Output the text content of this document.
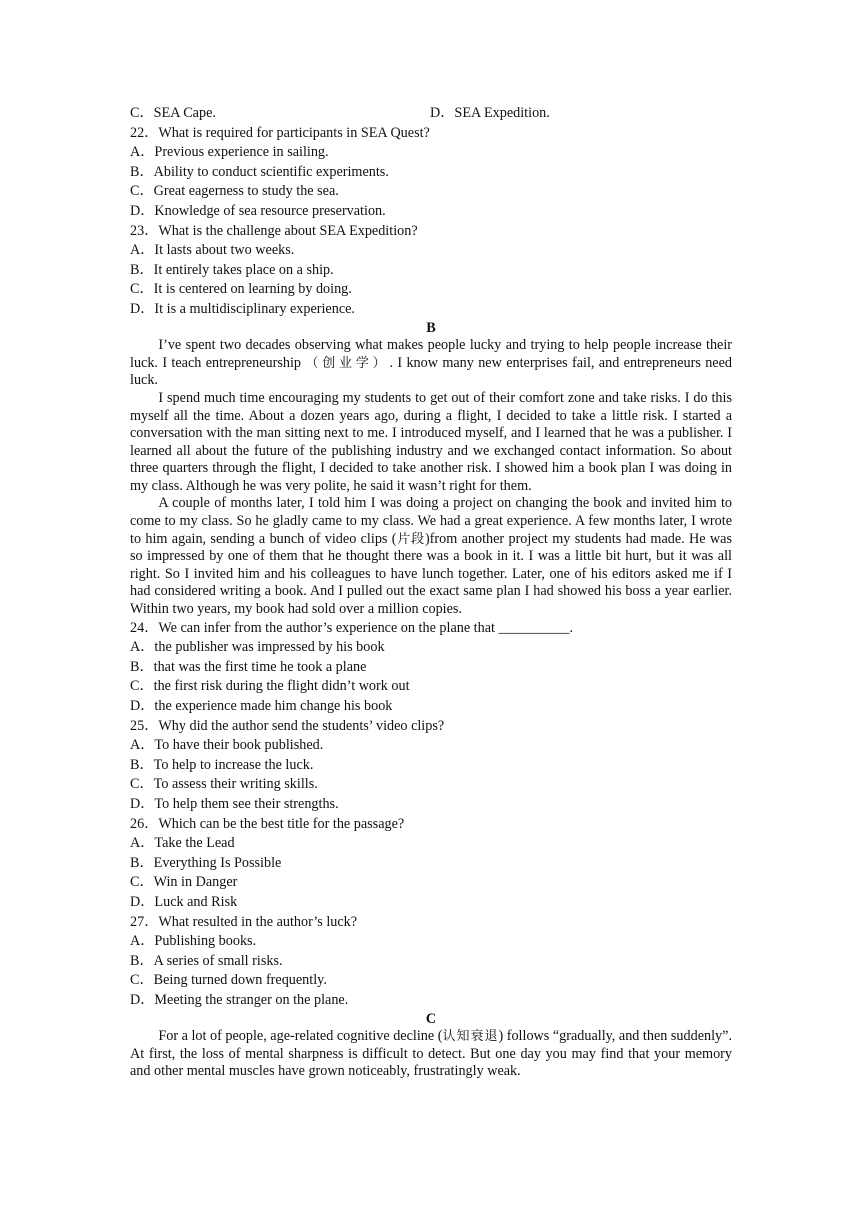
C．SEA Cape.	D．SEA Expedition.
22．What is required for participants in SEA Quest?
A．Previous experience in sailing.
B．Ability to conduct scientific experiments.
C．Great eagerness to study the sea.
D．Knowledge of sea resource preservation.
23．What is the challenge about SEA Expedition?
A．It lasts about two weeks.
B．It entirely takes place on a ship.
C．It is centered on learning by doing.
D．It is a multidisciplinary experience.
B

I’ve spent two decades observing what makes people lucky and trying to help people increase their luck. I teach entrepreneurship （创业学）. I know many new enterprises fail, and entrepreneurs need luck.

I spend much time encouraging my students to get out of their comfort zone and take risks. I do this myself all the time. About a dozen years ago, during a flight, I decided to take a little risk. I started a conversation with the man sitting next to me. I introduced myself, and I learned that he was a publisher. I learned all about the future of the publishing industry and we exchanged contact information. So about three quarters through the flight, I decided to take another risk. I showed him a book plan I was doing in my class. Although he was very polite, he said it wasn’t right for them.

A couple of months later, I told him I was doing a project on changing the book and invited him to come to my class. So he gladly came to my class. We had a great experience. A few months later, I wrote to him again, sending a bunch of video clips (片段)from another project my students had made. He was so impressed by one of them that he thought there was a book in it. I was a little bit hurt, but it was all right. So I invited him and his colleagues to have lunch together. Later, one of his editors asked me if I had considered writing a book. And I pulled out the exact same plan I had showed his boss a year earlier. Within two years, my book had sold over a million copies.

24．We can infer from the author’s experience on the plane that __________.
A．the publisher was impressed by his book
B．that was the first time he took a plane
C．the first risk during the flight didn’t work out
D．the experience made him change his book
25．Why did the author send the students’ video clips?
A．To have their book published.
B．To help to increase the luck.
C．To assess their writing skills.
D．To help them see their strengths.
26．Which can be the best title for the passage?
A．Take the Lead
B．Everything Is Possible
C．Win in Danger
D．Luck and Risk
27．What resulted in the author’s luck?
A．Publishing books.
B．A series of small risks.
C．Being turned down frequently.
D．Meeting the stranger on the plane.
C

For a lot of people, age-related cognitive decline (认知衰退) follows “gradually, and then suddenly”. At first, the loss of mental sharpness is difficult to detect. But one day you may find that your memory and other mental muscles have grown noticeably, frustratingly weak.
